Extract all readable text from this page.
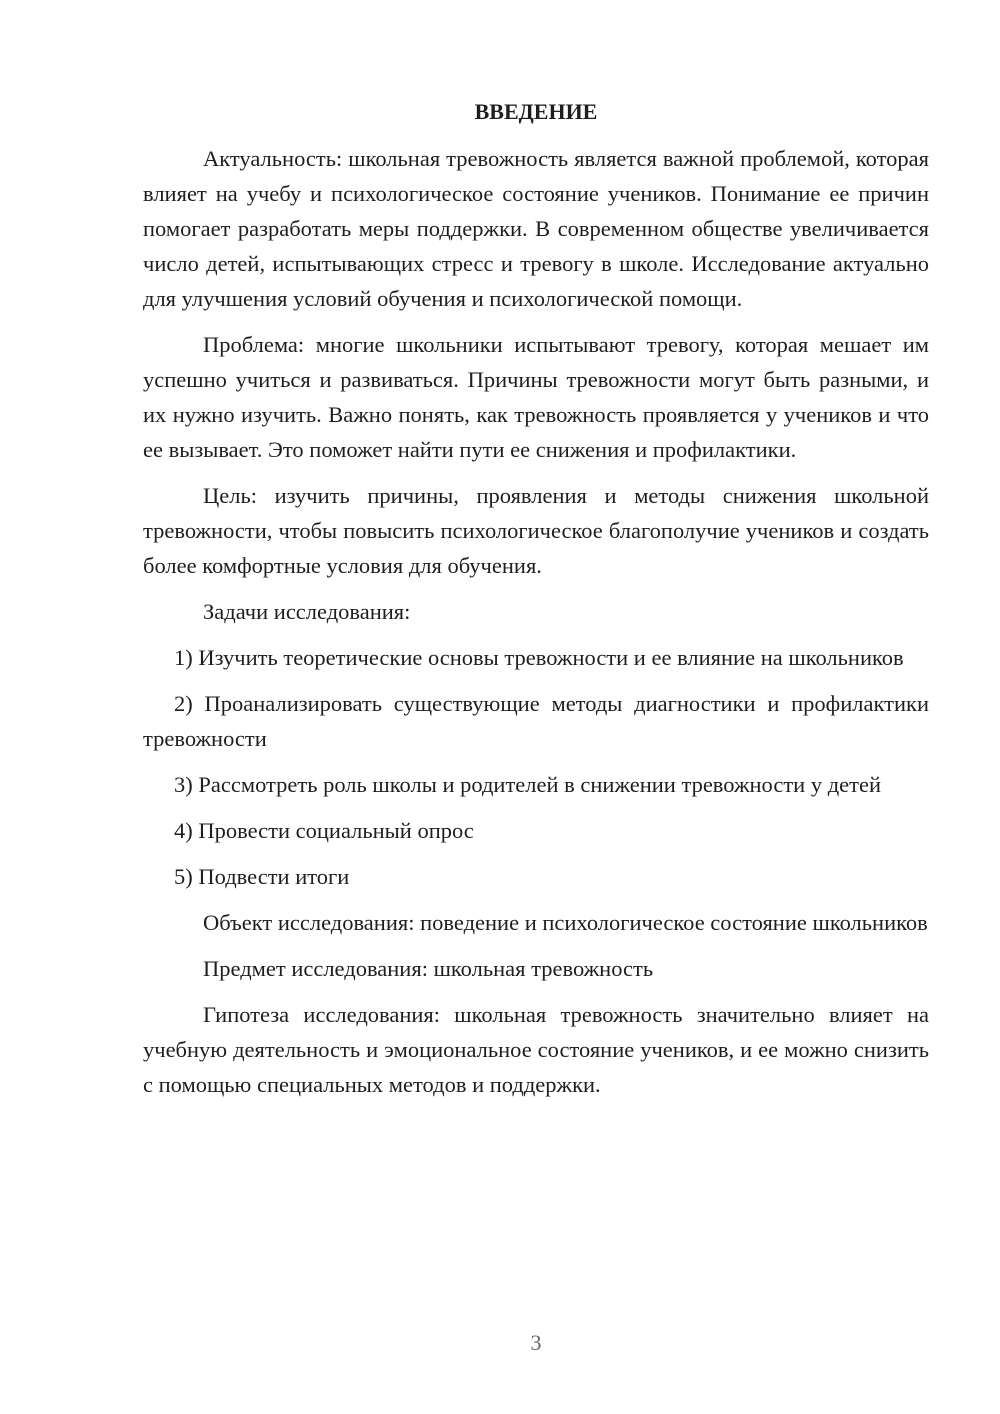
ВВЕДЕНИЕ

Актуальность: школьная тревожность является важной проблемой, которая влияет на учебу и психологическое состояние учеников. Понимание ее причин помогает разработать меры поддержки. В современном обществе увеличивается число детей, испытывающих стресс и тревогу в школе. Исследование актуально для улучшения условий обучения и психологической помощи.

Проблема: многие школьники испытывают тревогу, которая мешает им успешно учиться и развиваться. Причины тревожности могут быть разными, и их нужно изучить. Важно понять, как тревожность проявляется у учеников и что ее вызывает. Это поможет найти пути ее снижения и профилактики.

Цель: изучить причины, проявления и методы снижения школьной тревожности, чтобы повысить психологическое благополучие учеников и создать более комфортные условия для обучения.

Задачи исследования:

1) Изучить теоретические основы тревожности и ее влияние на школьников

2) Проанализировать существующие методы диагностики и профилактики тревожности

3) Рассмотреть роль школы и родителей в снижении тревожности у детей

4) Провести социальный опрос

5) Подвести итоги

Объект исследования: поведение и психологическое состояние школьников

Предмет исследования: школьная тревожность

Гипотеза исследования: школьная тревожность значительно влияет на учебную деятельность и эмоциональное состояние учеников, и ее можно снизить с помощью специальных методов и поддержки.

3
